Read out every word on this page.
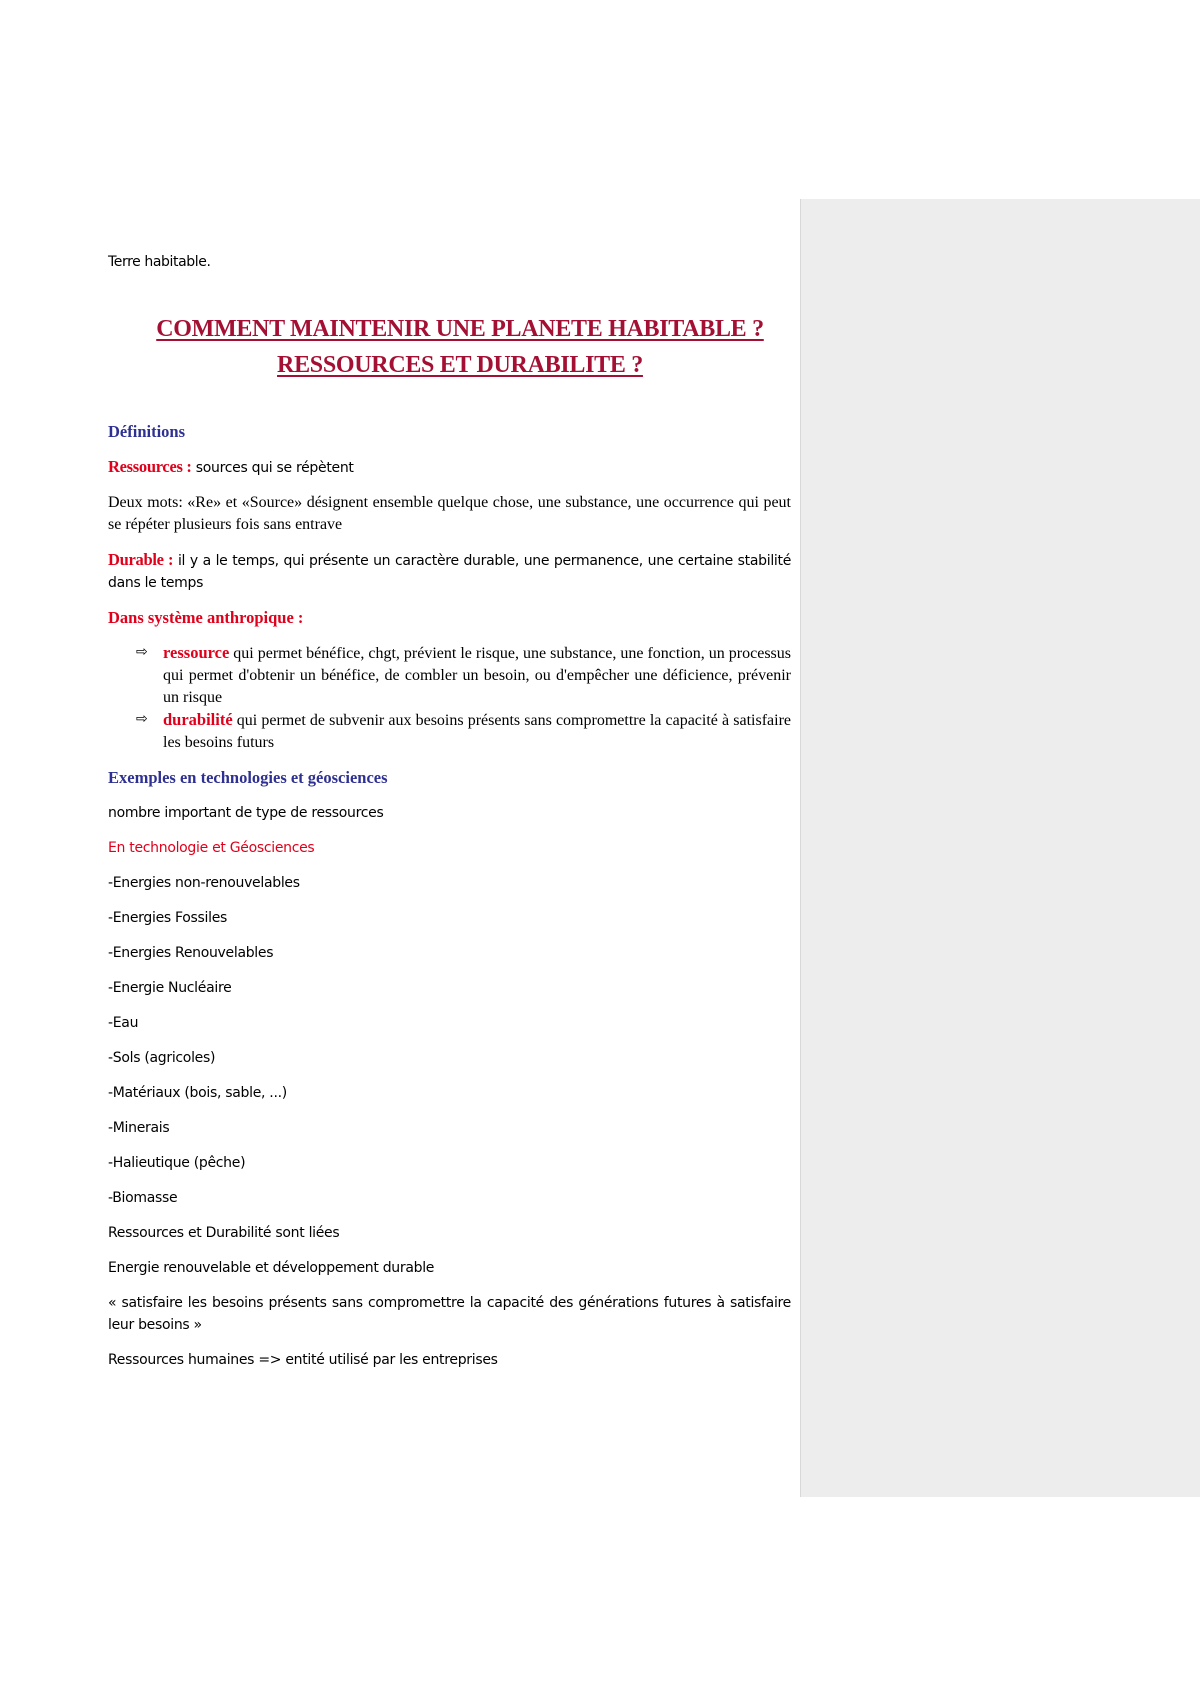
Terre habitable.
COMMENT MAINTENIR UNE PLANETE HABITABLE ?
RESSOURCES ET DURABILITE ?

Définitions

Ressources : sources qui se répètent

Deux mots: «Re» et «Source» désignent ensemble quelque chose, une substance, une occurrence qui peut se répéter plusieurs fois sans entrave

Durable : il y a le temps, qui présente un caractère durable, une permanence, une certaine stabilité dans le temps

Dans système anthropique :

⇨ ressource qui permet bénéfice, chgt, prévient le risque, une substance, une fonction, un processus qui permet d'obtenir un bénéfice, de combler un besoin, ou d'empêcher une déficience, prévenir un risque
⇨ durabilité qui permet de subvenir aux besoins présents sans compromettre la capacité à satisfaire les besoins futurs

Exemples en technologies et géosciences

nombre important de type de ressources

En technologie et Géosciences

-Energies non-renouvelables

-Energies Fossiles

-Energies Renouvelables

-Energie Nucléaire

-Eau

-Sols (agricoles)

-Matériaux (bois, sable, ...)

-Minerais

-Halieutique (pêche)

-Biomasse

Ressources et Durabilité sont liées

Energie renouvelable et développement durable

« satisfaire les besoins présents sans compromettre la capacité des générations futures à satisfaire leur besoins »

Ressources humaines => entité utilisé par les entreprises
